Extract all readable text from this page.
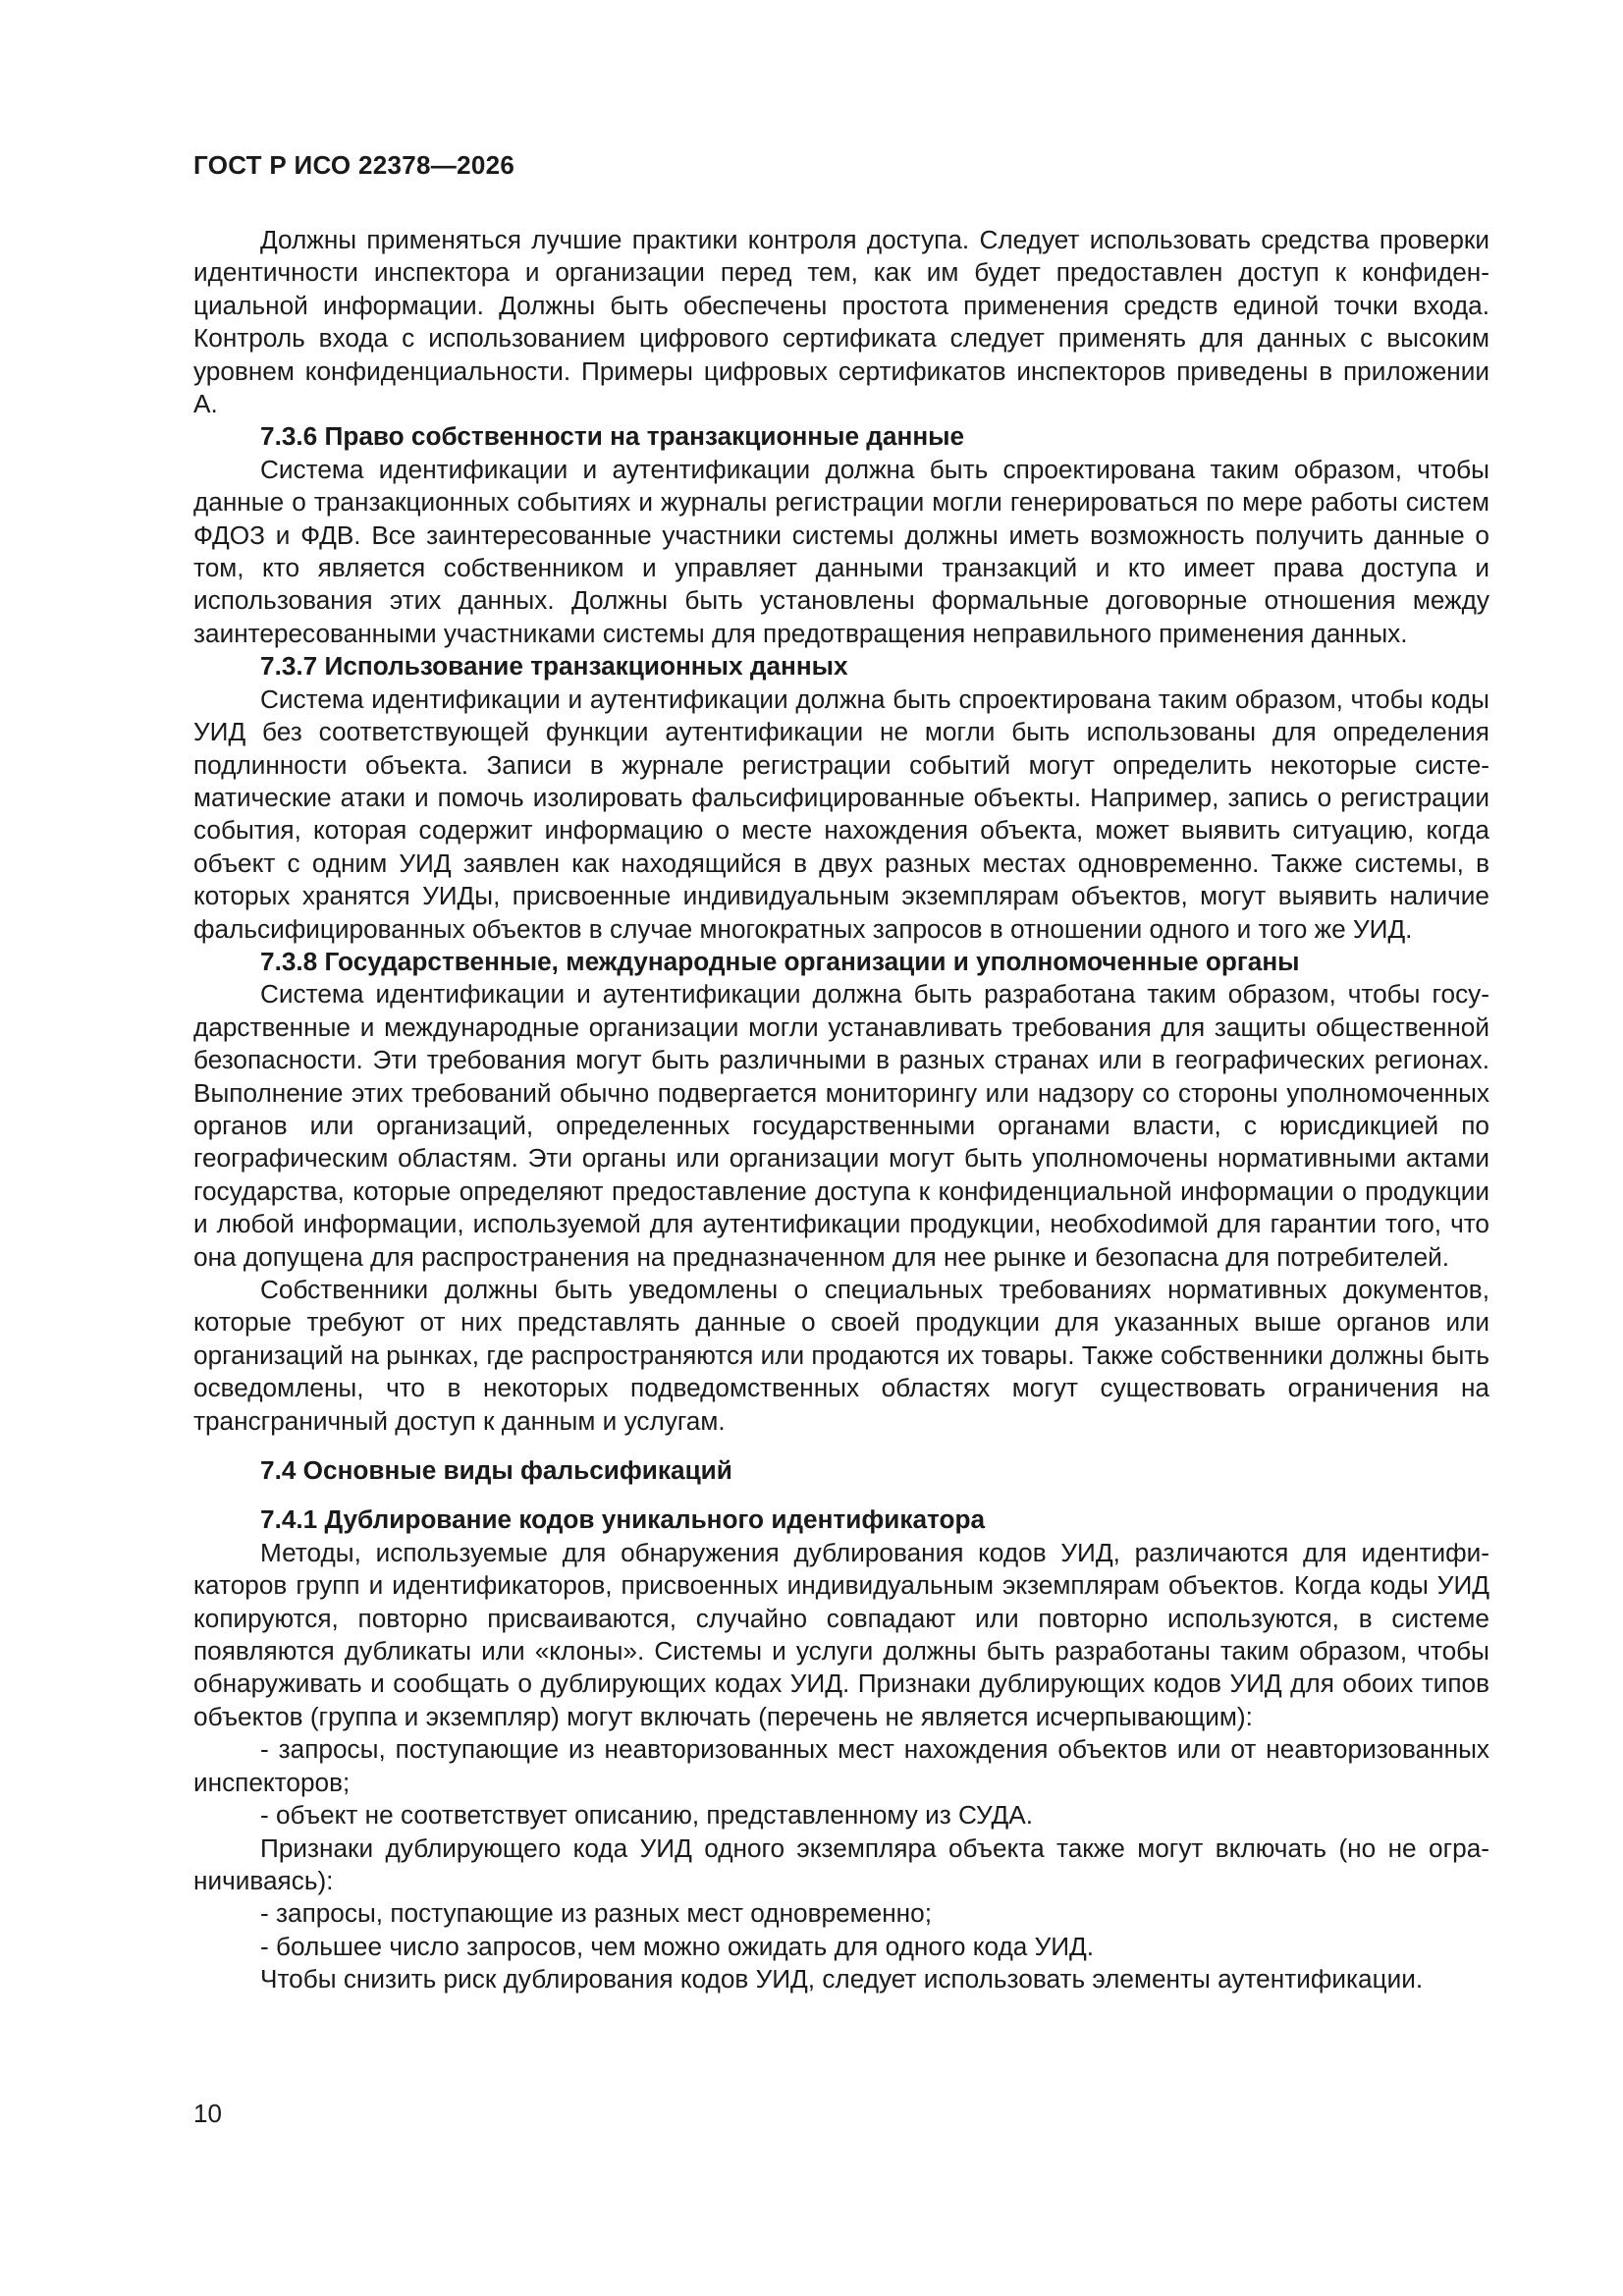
ГОСТ Р ИСО 22378—2026

Должны применяться лучшие практики контроля доступа. Следует использовать средства проверки идентичности инспектора и организации перед тем, как им будет предоставлен доступ к конфиденциальной информации. Должны быть обеспечены простота применения средств единой точки входа. Контроль входа с использованием цифрового сертификата следует применять для данных с высоким уровнем конфиденциальности. Примеры цифровых сертификатов инспекторов приведены в приложении А.

7.3.6 Право собственности на транзакционные данные

Система идентификации и аутентификации должна быть спроектирована таким образом, чтобы данные о транзакционных событиях и журналы регистрации могли генерироваться по мере работы систем ФДОЗ и ФДВ. Все заинтересованные участники системы должны иметь возможность получить данные о том, кто является собственником и управляет данными транзакций и кто имеет права доступа и использования этих данных. Должны быть установлены формальные договорные отношения между заинтересованными участниками системы для предотвращения неправильного применения данных.

7.3.7 Использование транзакционных данных

Система идентификации и аутентификации должна быть спроектирована таким образом, чтобы коды УИД без соответствующей функции аутентификации не могли быть использованы для определения подлинности объекта. Записи в журнале регистрации событий могут определить некоторые систематические атаки и помочь изолировать фальсифицированные объекты. Например, запись о регистрации события, которая содержит информацию о месте нахождения объекта, может выявить ситуацию, когда объект с одним УИД заявлен как находящийся в двух разных местах одновременно. Также системы, в которых хранятся УИДы, присвоенные индивидуальным экземплярам объектов, могут выявить наличие фальсифицированных объектов в случае многократных запросов в отношении одного и того же УИД.

7.3.8 Государственные, международные организации и уполномоченные органы

Система идентификации и аутентификации должна быть разработана таким образом, чтобы государственные и международные организации могли устанавливать требования для защиты общественной безопасности. Эти требования могут быть различными в разных странах или в географических регионах. Выполнение этих требований обычно подвергается мониторингу или надзору со стороны уполномоченных органов или организаций, определенных государственными органами власти, с юрисдикцией по географическим областям. Эти органы или организации могут быть уполномочены нормативными актами государства, которые определяют предоставление доступа к конфиденциальной информации о продукции и любой информации, используемой для аутентификации продукции, необхоdимой для гарантии того, что она допущена для распространения на предназначенном для нее рынке и безопасна для потребителей.

Собственники должны быть уведомлены о специальных требованиях нормативных документов, которые требуют от них представлять данные о своей продукции для указанных выше органов или организаций на рынках, где распространяются или продаются их товары. Также собственники должны быть осведомлены, что в некоторых подведомственных областях могут существовать ограничения на трансграничный доступ к данным и услугам.

7.4 Основные виды фальсификаций

7.4.1 Дублирование кодов уникального идентификатора

Методы, используемые для обнаружения дублирования кодов УИД, различаются для идентификаторов групп и идентификаторов, присвоенных индивидуальным экземплярам объектов. Когда коды УИД копируются, повторно присваиваются, случайно совпадают или повторно используются, в системе появляются дубликаты или «клоны». Системы и услуги должны быть разработаны таким образом, чтобы обнаруживать и сообщать о дублирующих кодах УИД. Признаки дублирующих кодов УИД для обоих типов объектов (группа и экземпляр) могут включать (перечень не является исчерпывающим):

- запросы, поступающие из неавторизованных мест нахождения объектов или от неавторизованных инспекторов;

- объект не соответствует описанию, представленному из СУДА.

Признаки дублирующего кода УИД одного экземпляра объекта также могут включать (но не ограничиваясь):

- запросы, поступающие из разных мест одновременно;

- большее число запросов, чем можно ожидать для одного кода УИД.

Чтобы снизить риск дублирования кодов УИД, следует использовать элементы аутентификации.

10
